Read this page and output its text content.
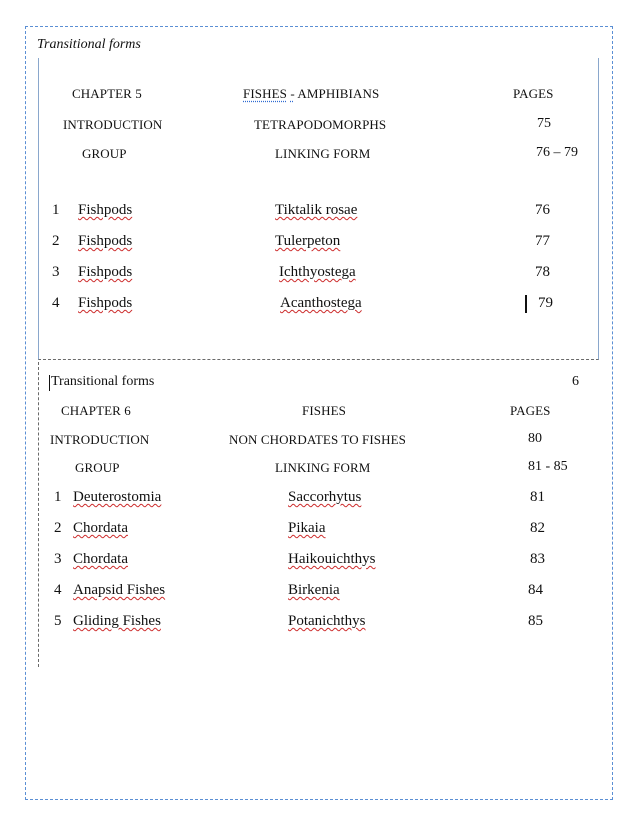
Transitional forms
CHAPTER 5	FISHES - AMPHIBIANS	PAGES
INTRODUCTION	TETRAPODOMORPHS	75
GROUP	LINKING FORM	76 – 79
1 Fishpods	Tiktalik rosae	76
2 Fishpods	Tulerpeton	77
3 Fishpods	Ichthyostega	78
4 Fishpods	Acanthostega	79
Transitional forms	6
CHAPTER 6	FISHES	PAGES
INTRODUCTION	NON CHORDATES TO FISHES	80
GROUP	LINKING FORM	81 - 85
1 Deuterostomia	Saccorhytus	81
2 Chordata	Pikaia	82
3 Chordata	Haikouichthys	83
4 Anapsid Fishes	Birkenia	84
5 Gliding Fishes	Potanichthys	85
